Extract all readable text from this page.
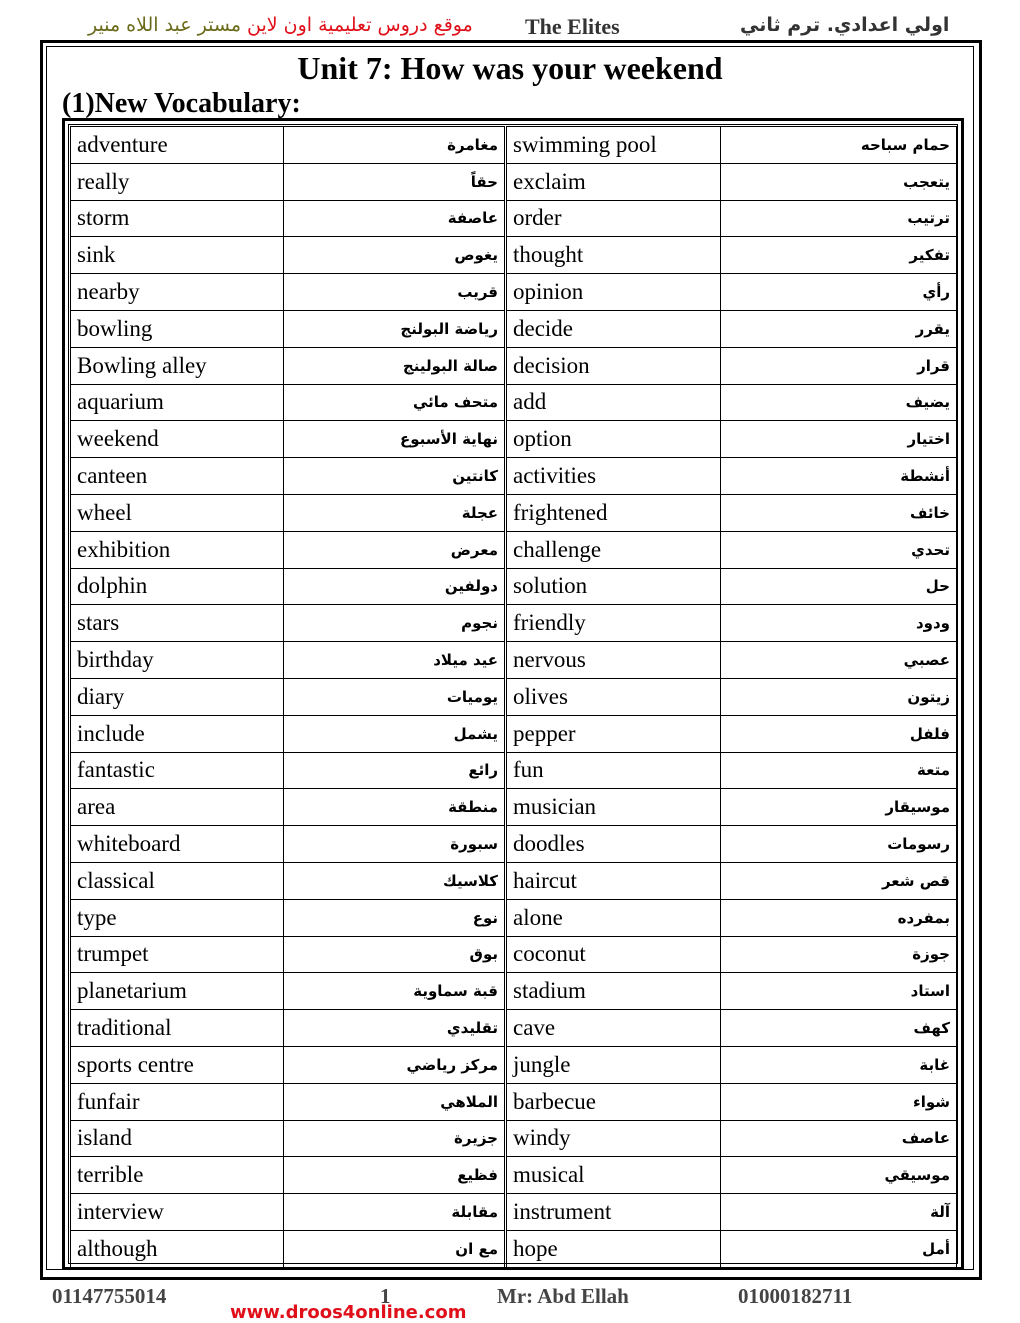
موقع دروس تعليمية اون لاين مستر عبد اللاه منير	The Elites	اولي اعدادي. ترم ثاني
Unit 7: How was your weekend
(1)New Vocabulary:
adventure	مغامرة	swimming pool	حمام سباحه
really	حقاً	exclaim	يتعجب
storm	عاصفة	order	ترتيب
sink	يغوص	thought	تفكير
nearby	قريب	opinion	رأي
bowling	رياضة البولنج	decide	يقرر
Bowling alley	صالة البولينج	decision	قرار
aquarium	متحف مائي	add	يضيف
weekend	نهاية الأسبوع	option	اختيار
canteen	كانتين	activities	أنشطة
wheel	عجلة	frightened	خائف
exhibition	معرض	challenge	تحدي
dolphin	دولفين	solution	حل
stars	نجوم	friendly	ودود
birthday	عيد ميلاد	nervous	عصبي
diary	يوميات	olives	زيتون
include	يشمل	pepper	فلفل
fantastic	رائع	fun	متعة
area	منطقة	musician	موسيقار
whiteboard	سبورة	doodles	رسومات
classical	كلاسيك	haircut	قص شعر
type	نوع	alone	بمفرده
trumpet	بوق	coconut	جوزة
planetarium	قبة سماوية	stadium	استاد
traditional	تقليدي	cave	كهف
sports centre	مركز رياضي	jungle	غابة
funfair	الملاهي	barbecue	شواء
island	جزيرة	windy	عاصف
terrible	فظيع	musical	موسيقي
interview	مقابلة	instrument	آلة
although	مع ان	hope	أمل
01147755014	1	Mr: Abd Ellah	01000182711
www.droos4online.com
